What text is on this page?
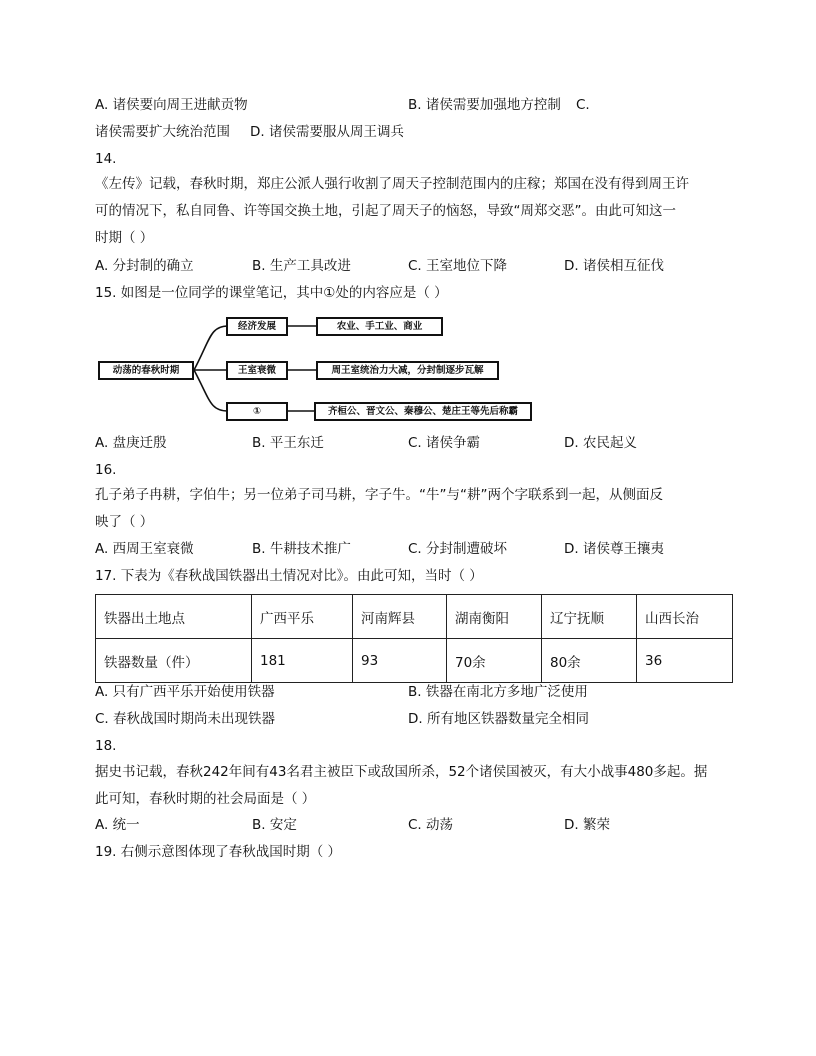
A. 诸侯要向周王进献贡物	B. 诸侯需要加强地方控制 C.
诸侯需要扩大统治范围 D. 诸侯需要服从周王调兵
14.
《左传》记载，春秋时期，郑庄公派人强行收割了周天子控制范围内的庄稼；郑国在没有得到周王许
可的情况下，私自同鲁、许等国交换土地，引起了周天子的恼怒，导致“周郑交恶”。由此可知这一
时期（ ）
A. 分封制的确立	B. 生产工具改进	C. 王室地位下降	D. 诸侯相互征伐
15. 如图是一位同学的课堂笔记，其中①处的内容应是（ ）
动荡的春秋时期
经济发展
王室衰微
①
农业、手工业、商业
周王室统治力大减，分封制逐步瓦解
齐桓公、晋文公、秦穆公、楚庄王等先后称霸
A. 盘庚迁殷	B. 平王东迁	C. 诸侯争霸	D. 农民起义
16.
孔子弟子冉耕，字伯牛；另一位弟子司马耕，字子牛。“牛”与“耕”两个字联系到一起，从侧面反
映了（ ）
A. 西周王室衰微	B. 牛耕技术推广	C. 分封制遭破坏	D. 诸侯尊王攘夷
17. 下表为《春秋战国铁器出土情况对比》。由此可知，当时（ ）
铁器出土地点	广西平乐	河南辉县	湖南衡阳	辽宁抚顺	山西长治
铁器数量（件）	181	93	70余	80余	36
A. 只有广西平乐开始使用铁器	B. 铁器在南北方多地广泛使用
C. 春秋战国时期尚未出现铁器	D. 所有地区铁器数量完全相同
18.
据史书记载，春秋242年间有43名君主被臣下或敌国所杀，52个诸侯国被灭，有大小战事480多起。据
此可知，春秋时期的社会局面是（ ）
A. 统一	B. 安定	C. 动荡	D. 繁荣
19. 右侧示意图体现了春秋战国时期（ ）
